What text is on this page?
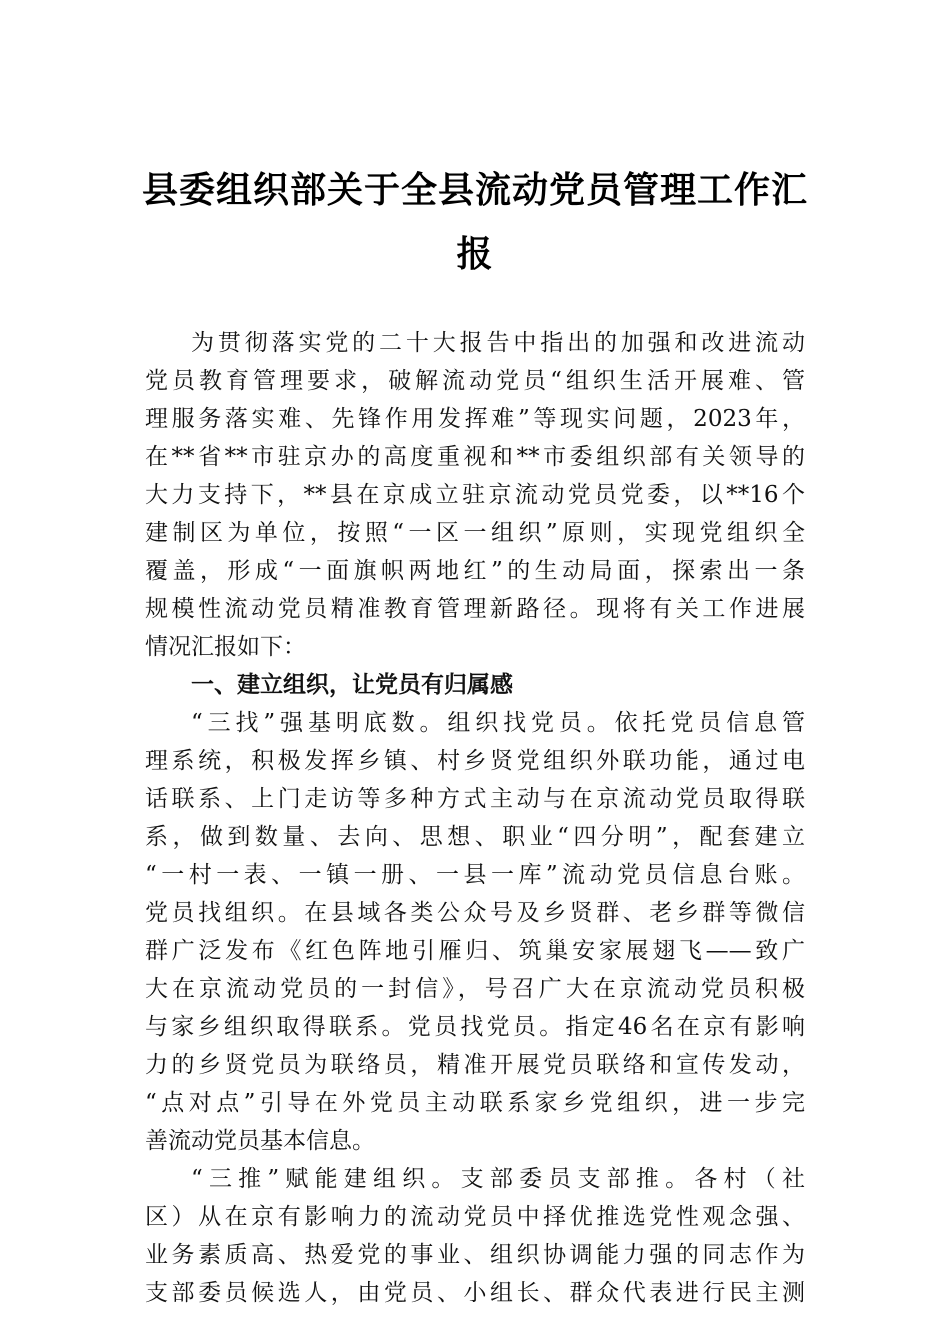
县委组织部关于全县流动党员管理工作汇
报
为贯彻落实党的二十大报告中指出的加强和改进流动
党员教育管理要求，破解流动党员“组织生活开展难、管
理服务落实难、先锋作用发挥难”等现实问题，2023年，
在**省**市驻京办的高度重视和**市委组织部有关领导的
大力支持下，**县在京成立驻京流动党员党委，以**16个
建制区为单位，按照“一区一组织”原则，实现党组织全
覆盖，形成“一面旗帜两地红”的生动局面，探索出一条
规模性流动党员精准教育管理新路径。现将有关工作进展
情况汇报如下：
一、建立组织，让党员有归属感
“三找”强基明底数。组织找党员。依托党员信息管
理系统，积极发挥乡镇、村乡贤党组织外联功能，通过电
话联系、上门走访等多种方式主动与在京流动党员取得联
系，做到数量、去向、思想、职业“四分明”，配套建立
“一村一表、一镇一册、一县一库”流动党员信息台账。
党员找组织。在县域各类公众号及乡贤群、老乡群等微信
群广泛发布《红色阵地引雁归、筑巢安家展翅飞——致广
大在京流动党员的一封信》，号召广大在京流动党员积极
与家乡组织取得联系。党员找党员。指定46名在京有影响
力的乡贤党员为联络员，精准开展党员联络和宣传发动，
“点对点”引导在外党员主动联系家乡党组织，进一步完
善流动党员基本信息。
“三推”赋能建组织。支部委员支部推。各村（社
区）从在京有影响力的流动党员中择优推选党性观念强、
业务素质高、热爱党的事业、组织协调能力强的同志作为
支部委员候选人，由党员、小组长、群众代表进行民主测
